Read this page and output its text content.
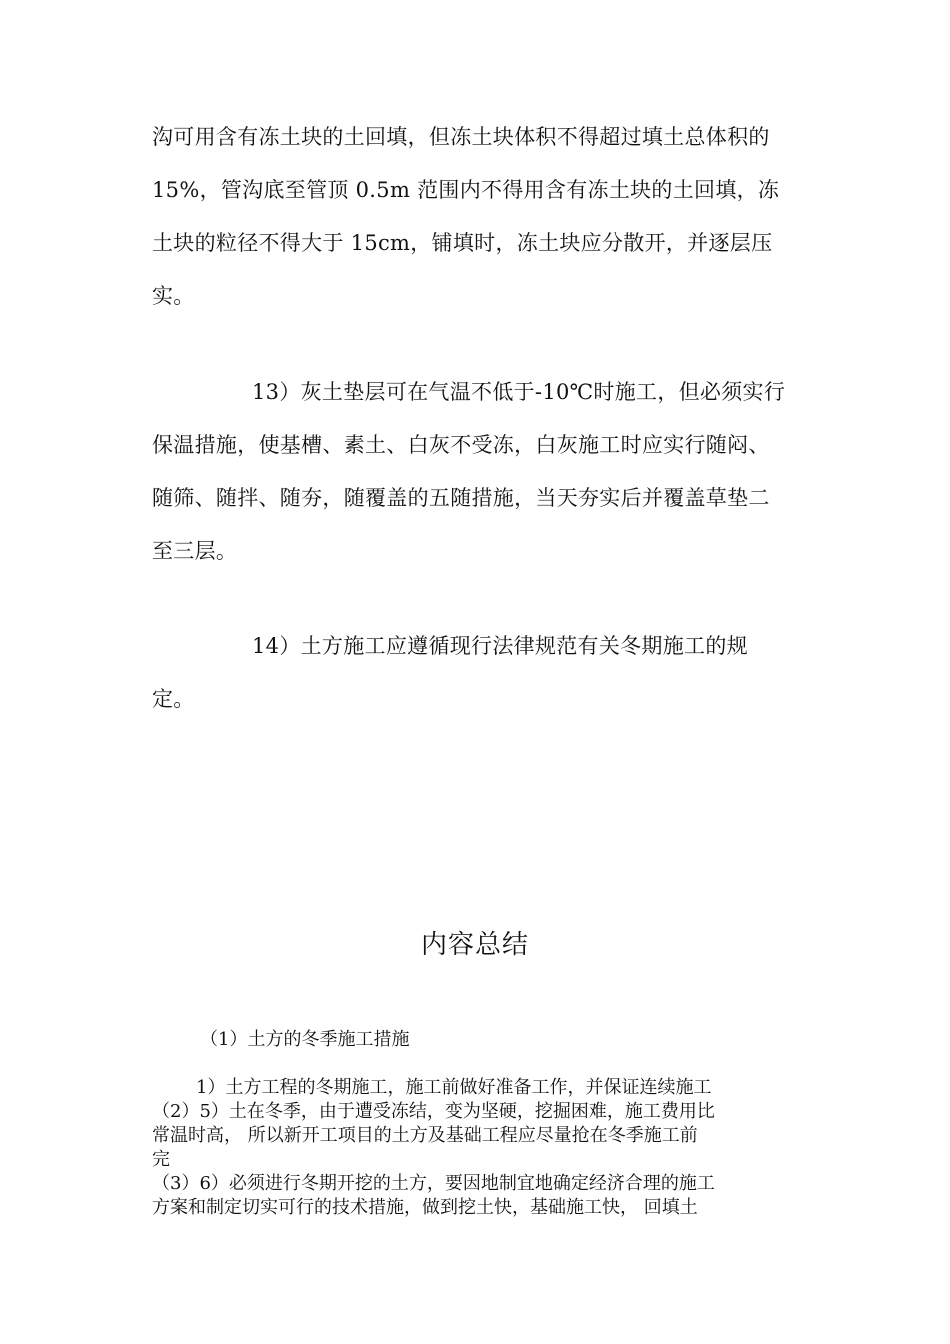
沟可用含有冻土块的土回填，但冻土块体积不得超过填土总体积的
15%，管沟底至管顶 0.5m 范围内不得用含有冻土块的土回填，冻
土块的粒径不得大于 15cm，铺填时，冻土块应分散开，并逐层压
实。
13）灰土垫层可在气温不低于-10℃时施工，但必须实行
保温措施，使基槽、素土、白灰不受冻，白灰施工时应实行随闷、
随筛、随拌、随夯，随覆盖的五随措施，当天夯实后并覆盖草垫二
至三层。
14）土方施工应遵循现行法律规范有关冬期施工的规
定。
内容总结
（1）土方的冬季施工措施
1）土方工程的冬期施工，施工前做好准备工作，并保证连续施工
（2）5）土在冬季，由于遭受冻结，变为坚硬，挖掘困难，施工费用比
常温时高， 所以新开工项目的土方及基础工程应尽量抢在冬季施工前
完
（3）6）必须进行冬期开挖的土方，要因地制宜地确定经济合理的施工
方案和制定切实可行的技术措施，做到挖土快，基础施工快， 回填土
